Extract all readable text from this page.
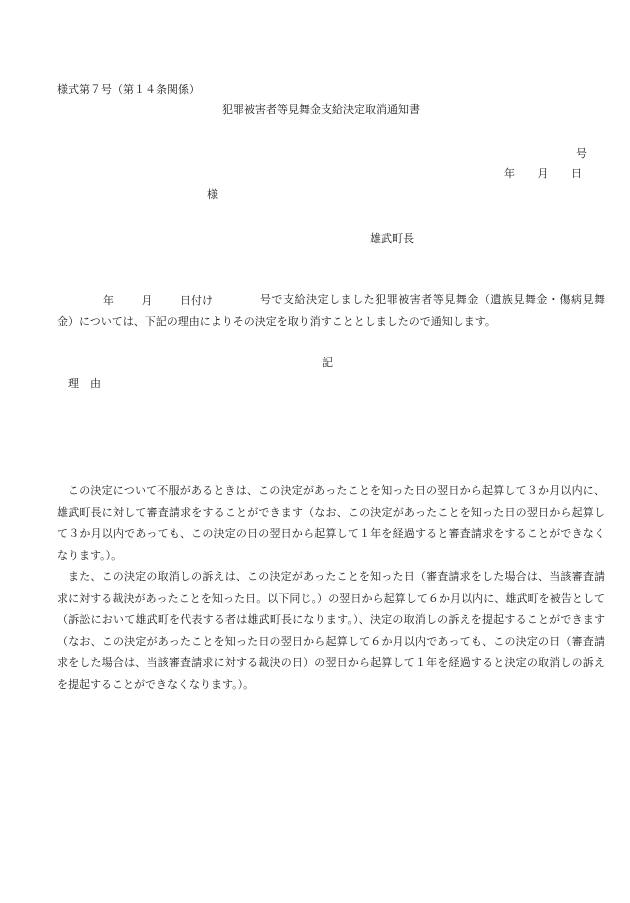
様式第７号（第１４条関係）
犯罪被害者等見舞金支給決定取消通知書
号
年 月 日
様
雄武町長
年	月	日付け	号で支給決定しました犯罪被害者等見舞金（遺族見舞金・傷病見舞金）については、下記の理由によりその決定を取り消すこととしましたので通知します。
記
理　由
この決定について不服があるときは、この決定があったことを知った日の翌日から起算して３か月以内に、雄武町長に対して審査請求をすることができます（なお、この決定があったことを知った日の翌日から起算して３か月以内であっても、この決定の日の翌日から起算して１年を経過すると審査請求をすることができなくなります。）。
また、この決定の取消しの訴えは、この決定があったことを知った日（審査請求をした場合は、当該審査請求に対する裁決があったことを知った日。以下同じ。）の翌日から起算して６か月以内に、雄武町を被告として（訴訟において雄武町を代表する者は雄武町長になります。）、決定の取消しの訴えを提起することができます（なお、この決定があったことを知った日の翌日から起算して６か月以内であっても、この決定の日（審査請求をした場合は、当該審査請求に対する裁決の日）の翌日から起算して１年を経過すると決定の取消しの訴えを提起することができなくなります。）。
